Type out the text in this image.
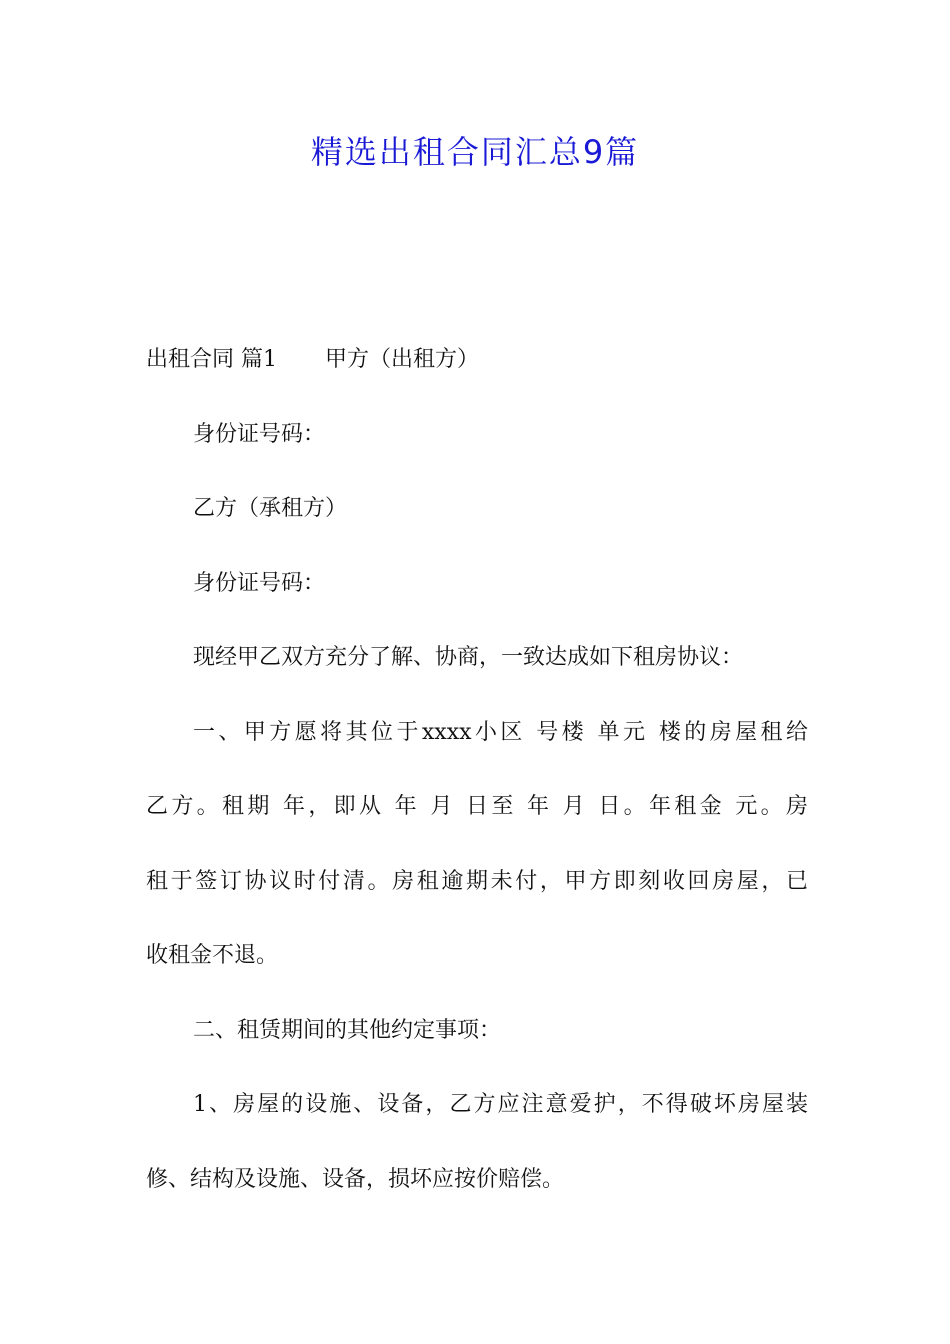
精选出租合同汇总9篇
出租合同 篇1 甲方（出租方）
身份证号码：
乙方（承租方）
身份证号码：
现经甲乙双方充分了解、协商，一致达成如下租房协议：
一、甲方愿将其位于xxxx小区 号楼 单元 楼的房屋租给
乙方。租期 年，即从 年 月 日至 年 月 日。年租金 元。房
租于签订协议时付清。房租逾期未付，甲方即刻收回房屋，已
收租金不退。
二、租赁期间的其他约定事项：
1、房屋的设施、设备，乙方应注意爱护，不得破坏房屋装
修、结构及设施、设备，损坏应按价赔偿。
